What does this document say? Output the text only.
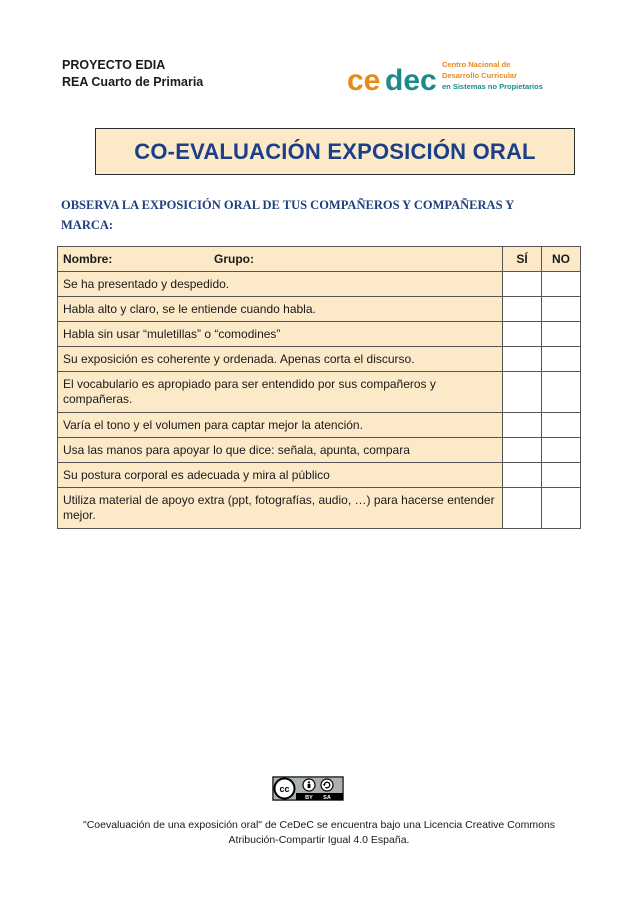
PROYECTO EDIA
REA Cuarto de Primaria	ce dec Centro Nacional de
Desarrollo Curricular
en Sistemas no Propietarios
CO-EVALUACIÓN EXPOSICIÓN ORAL
OBSERVA LA EXPOSICIÓN ORAL DE TUS COMPAÑEROS Y COMPAÑERAS Y MARCA:
Nombre: Grupo:	SÍ	NO
Se ha presentado y despedido.		
Habla alto y claro, se le entiende cuando habla.		
Habla sin usar “muletillas” o “comodines”		
Su exposición es coherente y ordenada. Apenas corta el discurso.		
El vocabulario es apropiado para ser entendido por sus compañeros y compañeras.		
Varía el tono y el volumen para captar mejor la atención.		
Usa las manos para apoyar lo que dice: señala, apunta, compara		
Su postura corporal es adecuada y mira al público		
Utiliza material de apoyo extra (ppt, fotografías, audio, …) para hacerse entender mejor.		
cc
BY SA
"Coevaluación de una exposición oral" de CeDeC se encuentra bajo una Licencia Creative Commons
Atribución-Compartir Igual 4.0 España.
